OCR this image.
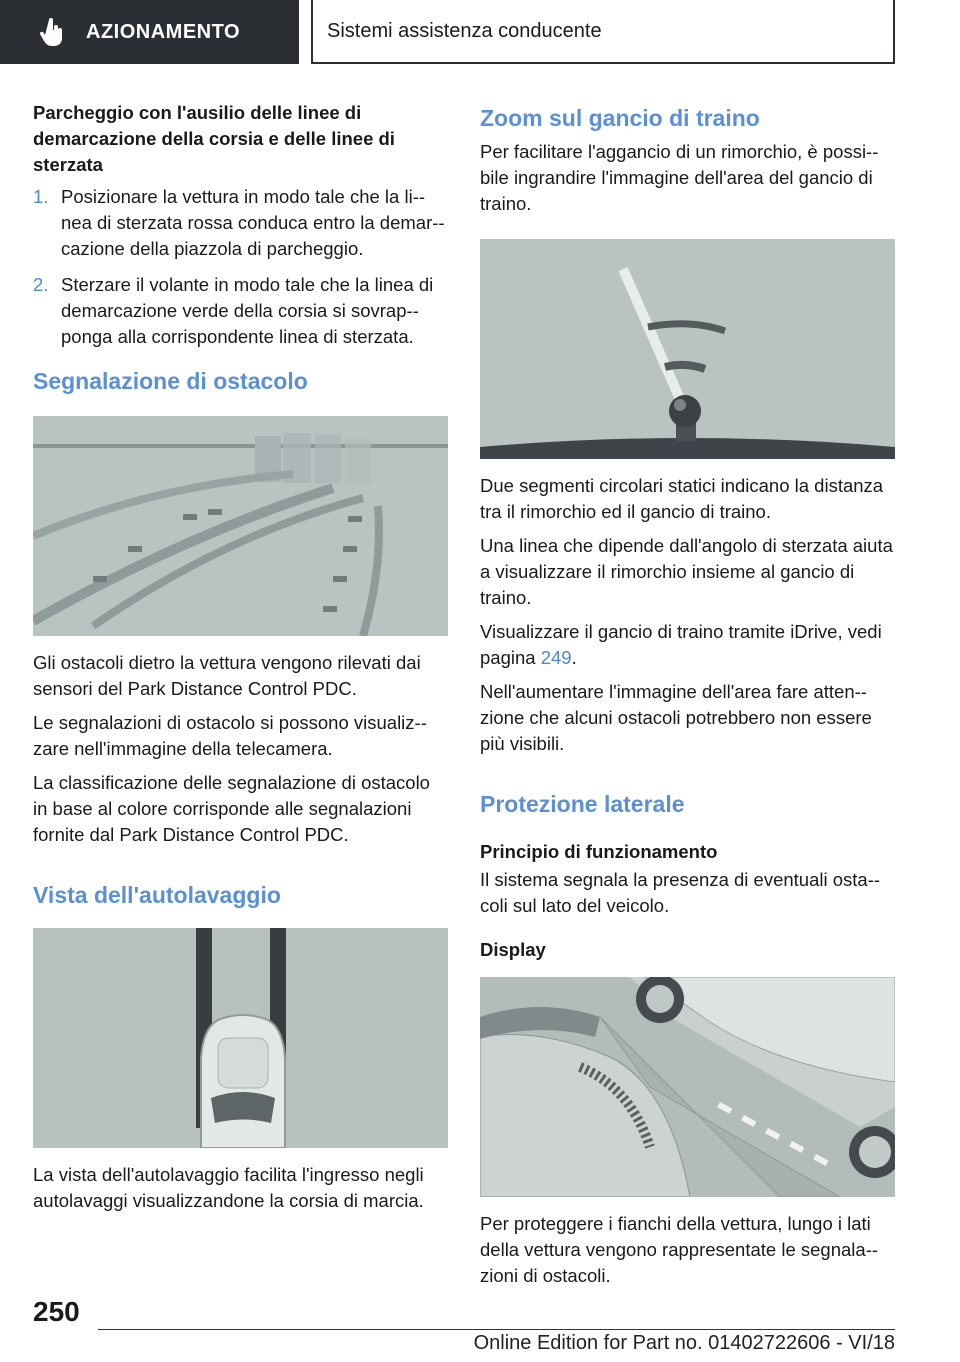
AZIONAMENTO	Sistemi assistenza conducente
Parcheggio con l'ausilio delle linee di demarcazione della corsia e delle linee di sterzata
1. Posizionare la vettura in modo tale che la li-nea di sterzata rossa conduca entro la demar-cazione della piazzola di parcheggio.
2. Sterzare il volante in modo tale che la linea di demarcazione verde della corsia si sovrap-ponga alla corrispondente linea di sterzata.
Segnalazione di ostacolo

Gli ostacoli dietro la vettura vengono rilevati dai sensori del Park Distance Control PDC.

Le segnalazioni di ostacolo si possono visualiz-zare nell'immagine della telecamera.

La classificazione delle segnalazione di ostacolo in base al colore corrisponde alle segnalazioni fornite dal Park Distance Control PDC.

Vista dell'autolavaggio

La vista dell'autolavaggio facilita l'ingresso negli autolavaggi visualizzandone la corsia di marcia.

Zoom sul gancio di traino

Per facilitare l'aggancio di un rimorchio, è possi-bile ingrandire l'immagine dell'area del gancio di traino.

Due segmenti circolari statici indicano la distanza tra il rimorchio ed il gancio di traino.

Una linea che dipende dall'angolo di sterzata aiuta a visualizzare il rimorchio insieme al gancio di traino.

Visualizzare il gancio di traino tramite iDrive, vedi pagina 249.

Nell'aumentare l'immagine dell'area fare atten-zione che alcuni ostacoli potrebbero non essere più visibili.

Protezione laterale
Principio di funzionamento

Il sistema segnala la presenza di eventuali osta-coli sul lato del veicolo.

Display

Per proteggere i fianchi della vettura, lungo i lati della vettura vengono rappresentate le segnala-zioni di ostacoli.

250
Online Edition for Part no. 01402722606 - VI/18
